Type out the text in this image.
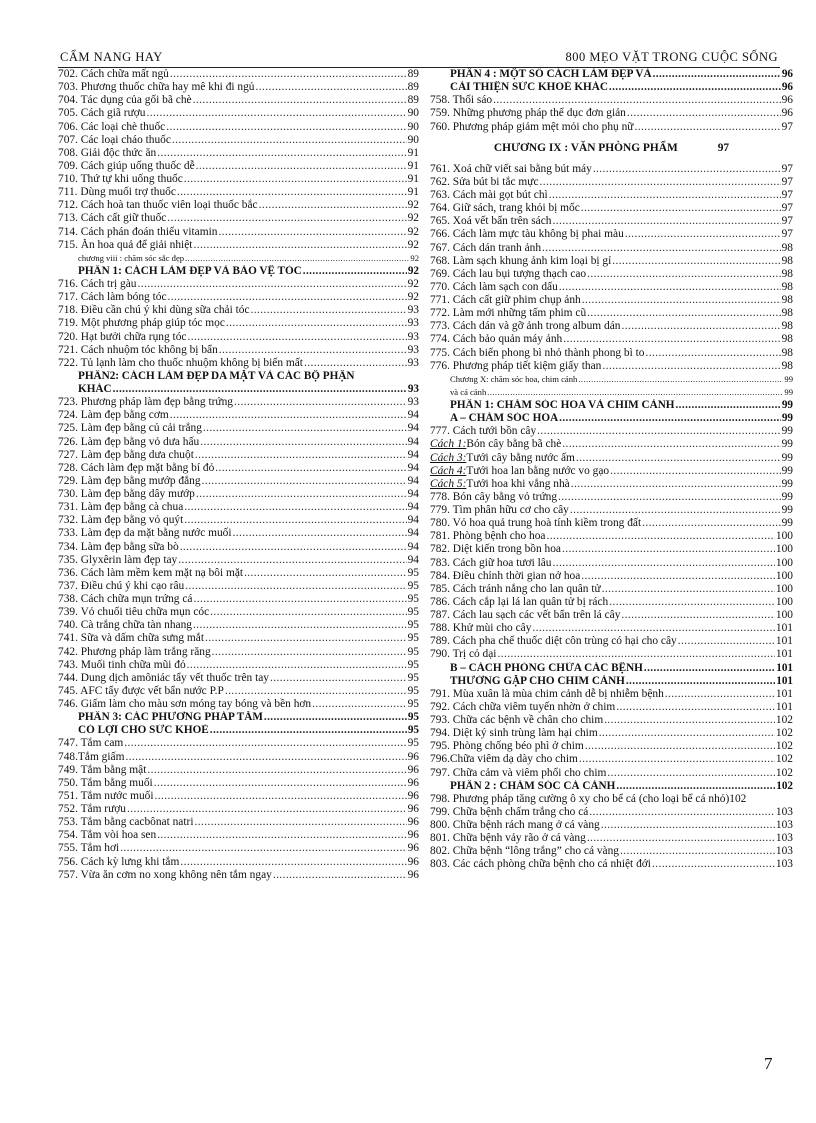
CẨM NANG HAY	800 MẸO VẶT TRONG CUỘC SỐNG
702. Cách chữa mất ngủ .....	89
703. Phương thuốc chữa hay mê khi đi ngủ .....	89
704. Tác dụng của gối bã chè .....	89
705. Cách giã rượu .....	90
706. Các loại chè thuốc .....	90
707. Các loại cháo thuốc .....	90
708. Giải độc thức ăn .....	91
709. Cách giúp uống thuốc dễ .....	91
710. Thứ tự khi uống thuốc .....	91
711. Dùng muối trợ thuốc .....	91
712. Cách hoà tan thuốc viên loại thuốc bắc .....	92
713. Cách cất giữ thuốc .....	92
714. Cách phán đoán thiếu vitamin .....	92
715. Ăn hoa quả để giải nhiệt .....	92
chương viii : chăm sóc sắc đẹp .....	92
PHẦN 1: CÁCH LÀM ĐẸP VÀ BẢO VỆ TÓC .....	92
716. Cách trị gàu .....	92
717. Cách làm bóng tóc .....	92
718. Điều cần chú ý khi dùng sữa chải tóc .....	93
719. Một phương pháp giúp tóc mọc .....	93
720. Hạt bưởi chữa rụng tóc .....	93
721. Cách nhuộm tóc không bị bẩn .....	93
722. Tủ lạnh làm cho thuốc nhuộm không bị biến mất .....	93
PHẦN2: CÁCH LÀM ĐẸP DA MẶT VÀ CÁC BỘ PHẬN
KHÁC .....	93
723. Phương pháp làm đẹp bằng trứng .....	93
724. Làm đẹp bằng cơm .....	94
725. Làm đẹp bằng củ cải trắng .....	94
726. Làm đẹp bằng vỏ dưa hấu .....	94
727. Làm đẹp bằng dưa chuột .....	94
728. Cách làm đẹp mặt bằng bí đỏ .....	94
729. Làm đẹp bằng mướp đắng .....	94
730. Làm đẹp bằng dây mướp .....	94
731. Làm đẹp bằng cà chua .....	94
732. Làm đẹp bằng vỏ quýt .....	94
733. Làm đẹp da mặt bằng nước muối .....	94
734. Làm đẹp bằng sữa bò .....	94
735. Glyxêrin làm đẹp tay .....	94
736. Cách làm mềm kem mặt nạ bôi mặt .....	95
737. Điều chú ý khi cạo râu .....	95
738. Cách chữa mụn trứng cá .....	95
739. Vỏ chuối tiêu chữa mụn cóc .....	95
740. Cà trắng chữa tàn nhang .....	95
741. Sữa và dấm chữa sưng mắt .....	95
742. Phương pháp làm trắng răng .....	95
743. Muối tinh chữa mũi đỏ .....	95
744. Dung dịch amôniác tẩy vết thuốc trên tay .....	95
745. AFC tẩy được vết bẩn nước P.P .....	95
746. Giấm làm cho màu sơn móng tay bóng và bền hơn .....	95
PHẦN 3: CÁC PHƯƠNG PHÁP TẮM .....	95
CÓ LỢI CHO SỨC KHOẺ .....	95
747. Tắm cam .....	95
748.Tắm giấm .....	96
749. Tắm bằng mật .....	96
750. Tắm bằng muối .....	96
751. Tắm nước muối .....	96
752. Tắm rượu .....	96
753. Tắm bằng cacbônat natri .....	96
754. Tắm vòi hoa sen .....	96
755. Tắm hơi .....	96
756. Cách kỳ lưng khi tắm .....	96
757. Vừa ăn cơm no xong không nên tắm ngay .....	96
PHẦN 4 : MỘT SỐ CÁCH LÀM ĐẸP VÀ .....	96
CẢI THIỆN SỨC KHOẺ KHÁC .....	96
758. Thổi sáo .....	96
759. Những phương pháp thể dục đơn giản .....	96
760. Phương pháp giảm mệt mỏi cho phụ nữ .....	97
CHƯƠNG IX : VĂN PHÒNG PHẨM	97
761. Xoá chữ viết sai bằng bút máy .....	97
762. Sửa bút bi tắc mực .....	97
763. Cách mài gọt bút chì .....	97
764. Giữ sách, trang khỏi bị mốc .....	97
765. Xoá vết bẩn trên sách .....	97
766. Cách làm mực tàu không bị phai màu .....	97
767. Cách dán tranh ảnh .....	98
768. Làm sạch khung ảnh kim loại bị gỉ .....	98
769. Cách lau bụi tượng thạch cao .....	98
770. Cách làm sạch con dấu .....	98
771. Cách cất giữ phim chụp ảnh .....	98
772. Làm mới những tấm phim cũ .....	98
773. Cách dán và gỡ ảnh trong album dán .....	98
774. Cách bảo quản máy ảnh .....	98
775. Cách biến phong bì nhỏ thành phong bì to .....	98
776. Phương pháp tiết kiệm giấy than .....	98
Chương X: chăm sóc hoa, chim cảnh .....	99
và cá cảnh .....	99
PHẦN 1: CHĂM SÓC HOA VÀ CHIM CẢNH .....	99
A – CHĂM SÓC HOA .....	99
777. Cách tưới bồn cây .....	99
Cách 1: Bón cây bằng bã chè .....	99
Cách 3: Tưới cây bằng nước ấm .....	99
Cách 4: Tưới hoa lan bằng nước vo gạo .....	99
Cách 5: Tưới hoa khi vắng nhà .....	99
778. Bón cây bằng vỏ trứng .....	99
779. Tìm phân hữu cơ cho cây .....	99
780. Vỏ hoa quả trung hoà tính kiềm trong đất .....	99
781. Phòng bệnh cho hoa .....	100
782. Diệt kiến trong bồn hoa .....	100
783. Cách giữ hoa tươi lâu .....	100
784. Điều chỉnh thời gian nở hoa .....	100
785. Cách tránh nắng cho lan quân tử .....	100
786. Cách cắp lại lá lan quân tử bị rách .....	100
787. Cách lau sạch các vết bẩn trên lá cây .....	100
788. Khử mùi cho cây .....	101
789. Cách pha chế thuốc diệt côn trùng có hại cho cây .....	101
790. Trị cỏ dại .....	101
B – CÁCH PHÒNG CHỮA CÁC BỆNH .....	101
THƯỜNG GẶP CHO CHIM CẢNH .....	101
791. Mùa xuân là mùa chim cảnh dễ bị nhiễm bệnh .....	101
792. Cách chữa viêm tuyến nhờn ở chim .....	101
793. Chữa các bệnh về chân cho chim .....	102
794. Diệt ký sinh trùng làm hại chim .....	102
795. Phòng chống béo phì ở chim .....	102
796.Chữa viêm dạ dày cho chim .....	102
797. Chữa cảm và viêm phổi cho chim .....	102
PHẦN 2 : CHĂM SÓC CÁ CẢNH .....	102
798. Phương pháp tăng cường ô xy cho bể cá (cho loại bể cá nhỏ) 102
799. Chữa bệnh chấm trắng cho cá .....	103
800. Chữa bệnh rách mang ở cá vàng .....	103
801. Chữa bệnh vảy rão ở cá vàng .....	103
802. Chữa bệnh “lông trắng” cho cá vàng .....	103
803. Các cách phòng chữa bệnh cho cá nhiệt đới .....	103
7
